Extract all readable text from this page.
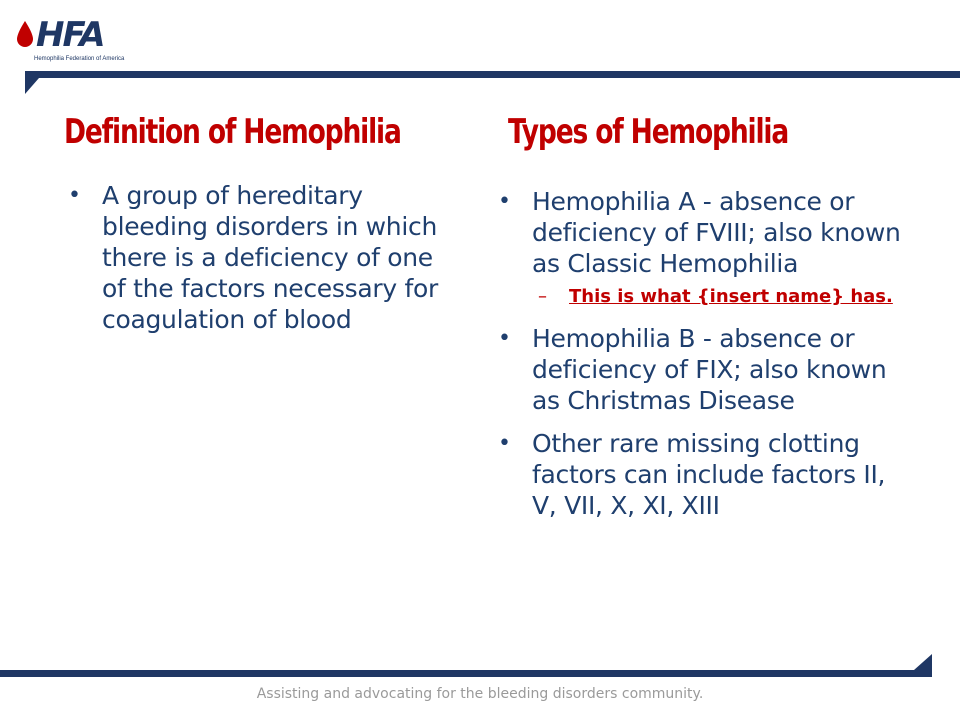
HFA
Hemophilia Federation of America
Definition of Hemophilia	Types of Hemophilia
• A group of hereditary bleeding disorders in which there is a deficiency of one of the factors necessary for coagulation of blood
• Hemophilia A - absence or deficiency of FVIII; also known as Classic Hemophilia
– This is what {insert name} has.
• Hemophilia B - absence or deficiency of FIX; also known as Christmas Disease
• Other rare missing clotting factors can include factors II, V, VII, X, XI, XIII
Assisting and advocating for the bleeding disorders community.
